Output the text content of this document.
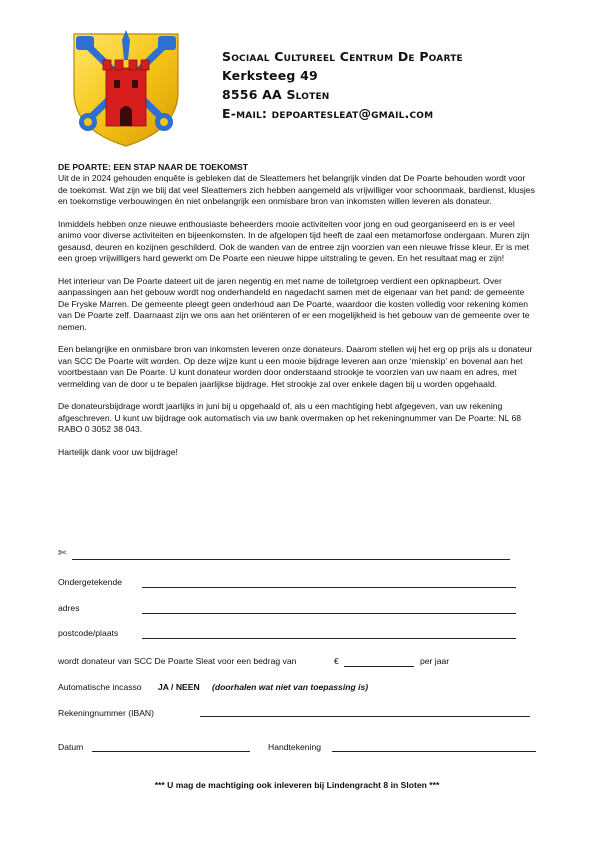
Sociaal Cultureel Centrum De Poarte
Kerksteeg 49
8556 AA Sloten
E-mail: depoartesleat@gmail.com

DE POARTE: EEN STAP NAAR DE TOEKOMST

Uit de in 2024 gehouden enquête is gebleken dat de Sleattemers het belangrijk vinden dat De Poarte behouden wordt voor de toekomst. Wat zijn we blij dat veel Sleattemers zich hebben aangemeld als vrijwilliger voor schoonmaak, bardienst, klusjes en toekomstige verbouwingen én niet onbelangrijk een onmisbare bron van inkomsten willen leveren als donateur.

Inmiddels hebben onze nieuwe enthousiaste beheerders mooie activiteiten voor jong en oud georganiseerd en is er veel animo voor diverse activiteiten en bijeenkomsten. In de afgelopen tijd heeft de zaal een metamorfose ondergaan. Muren zijn gesausd, deuren en kozijnen geschilderd. Ook de wanden van de entree zijn voorzien van een nieuwe frisse kleur. Er is met een groep vrijwilligers hard gewerkt om De Poarte een nieuwe hippe uitstraling te geven. En het resultaat mag er zijn!

Het interieur van De Poarte dateert uit de jaren negentig en met name de toiletgroep verdient een opknapbeurt. Over aanpassingen aan het gebouw wordt nog onderhandeld en nagedacht samen met de eigenaar van het pand: de gemeente De Fryske Marren. De gemeente pleegt geen onderhoud aan De Poarte, waardoor die kosten volledig voor rekening komen van De Poarte zelf. Daarnaast zijn we ons aan het oriënteren of er een mogelijkheid is het gebouw van de gemeente over te nemen.

Een belangrijke en onmisbare bron van inkomsten leveren onze donateurs. Daarom stellen wij het erg op prijs als u donateur van SCC De Poarte wilt worden. Op deze wijze kunt u een mooie bijdrage leveren aan onze ‘mienskip’ en bovenal aan het voortbestaan van De Poarte. U kunt donateur worden door onderstaand strookje te voorzien van uw naam en adres, met vermelding van de door u te bepalen jaarlijkse bijdrage. Het strookje zal over enkele dagen bij u worden opgehaald.

De donateursbijdrage wordt jaarlijks in juni bij u opgehaald of, als u een machtiging hebt afgegeven, van uw rekening afgeschreven. U kunt uw bijdrage ook automatisch via uw bank overmaken op het rekeningnummer van De Poarte: NL 68 RABO 0 3052 38 043.

Hartelijk dank voor uw bijdrage!

✄
Ondergetekende
adres
postcode/plaats
wordt donateur van SCC De Poarte Sleat voor een bedrag van	€	per jaar
Automatische incasso JA / NEEN (doorhalen wat niet van toepassing is)
Rekeningnummer (IBAN)
Datum	Handtekening
*** U mag de machtiging ook inleveren bij Lindengracht 8 in Sloten ***
